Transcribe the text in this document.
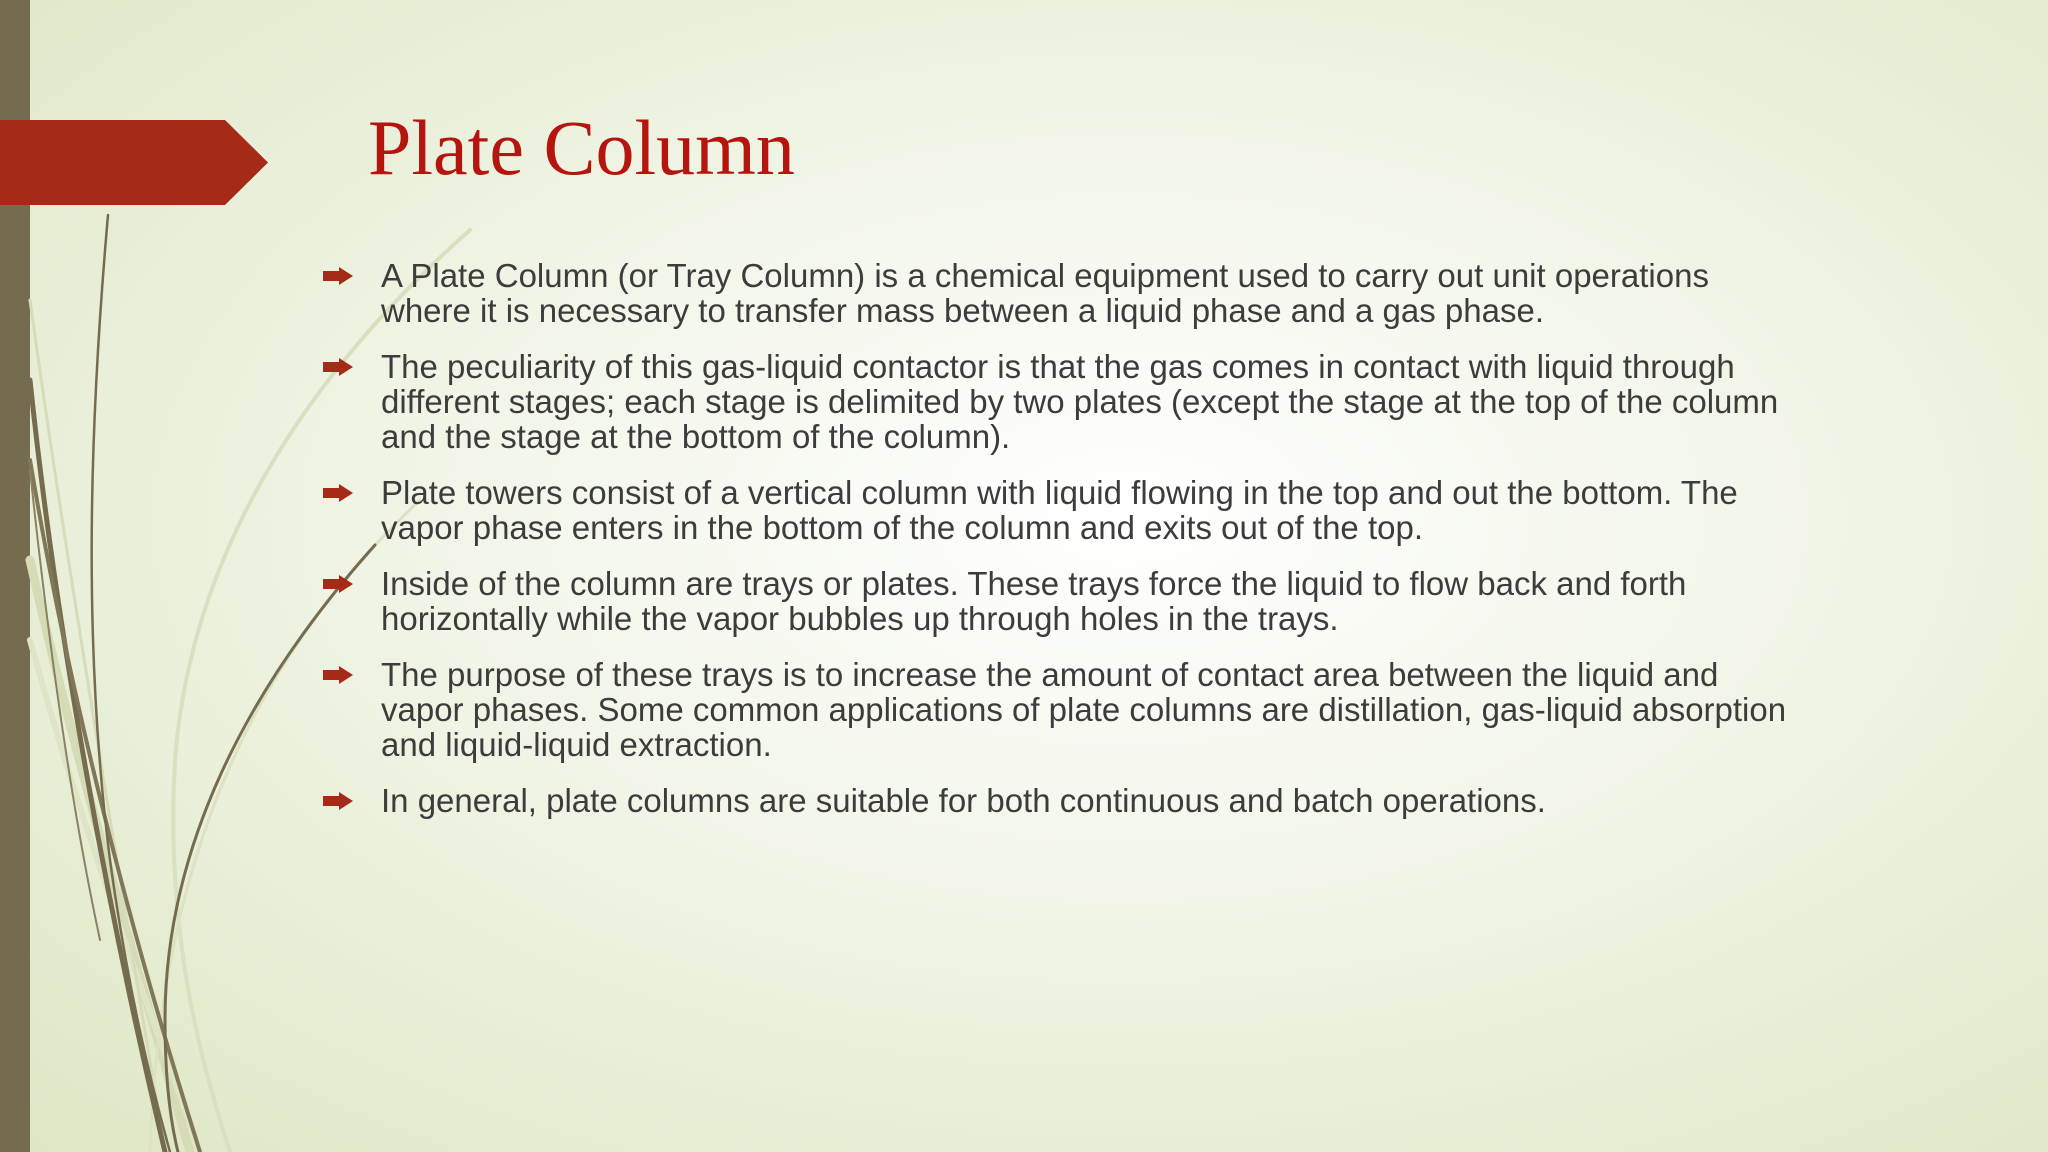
Plate Column
A Plate Column (or Tray Column) is a chemical equipment used to carry out unit operations where it is necessary to transfer mass between a liquid phase and a gas phase.
The peculiarity of this gas-liquid contactor is that the gas comes in contact with liquid through different stages; each stage is delimited by two plates (except the stage at the top of the column and the stage at the bottom of the column).
Plate towers consist of a vertical column with liquid flowing in the top and out the bottom. The vapor phase enters in the bottom of the column and exits out of the top.
Inside of the column are trays or plates. These trays force the liquid to flow back and forth horizontally while the vapor bubbles up through holes in the trays.
The purpose of these trays is to increase the amount of contact area between the liquid and vapor phases. Some common applications of plate columns are distillation, gas-liquid absorption and liquid-liquid extraction.
In general, plate columns are suitable for both continuous and batch operations.
